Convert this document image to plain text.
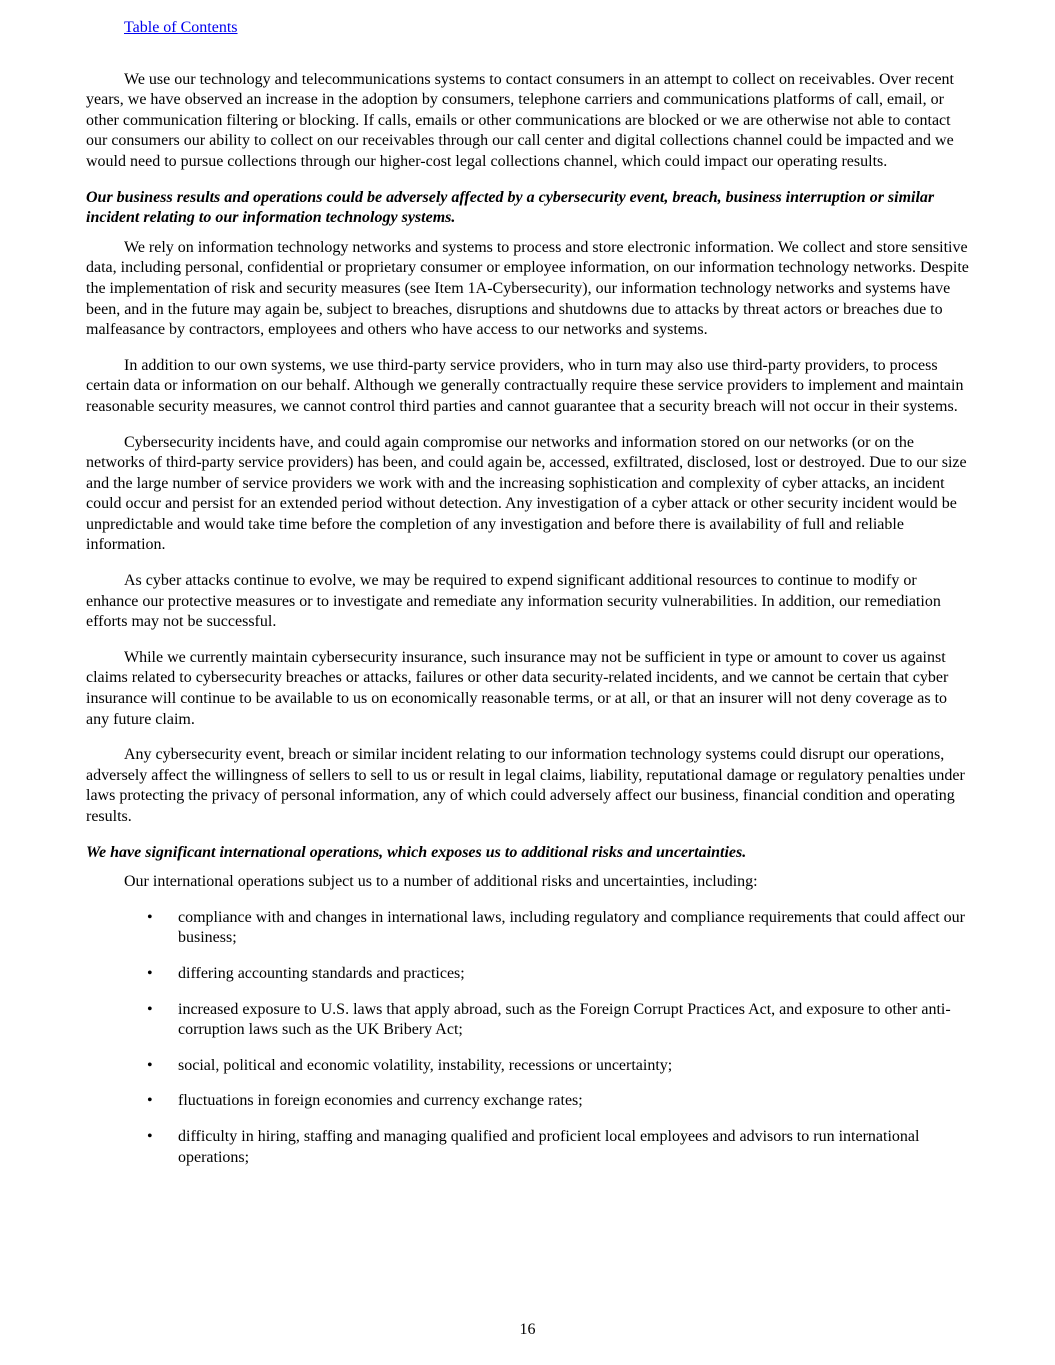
Table of Contents

We use our technology and telecommunications systems to contact consumers in an attempt to collect on receivables. Over recent years, we have observed an increase in the adoption by consumers, telephone carriers and communications platforms of call, email, or other communication filtering or blocking. If calls, emails or other communications are blocked or we are otherwise not able to contact our consumers our ability to collect on our receivables through our call center and digital collections channel could be impacted and we would need to pursue collections through our higher-cost legal collections channel, which could impact our operating results.

Our business results and operations could be adversely affected by a cybersecurity event, breach, business interruption or similar incident relating to our information technology systems.

We rely on information technology networks and systems to process and store electronic information. We collect and store sensitive data, including personal, confidential or proprietary consumer or employee information, on our information technology networks. Despite the implementation of risk and security measures (see Item 1A-Cybersecurity), our information technology networks and systems have been, and in the future may again be, subject to breaches, disruptions and shutdowns due to attacks by threat actors or breaches due to malfeasance by contractors, employees and others who have access to our networks and systems.

In addition to our own systems, we use third-party service providers, who in turn may also use third-party providers, to process certain data or information on our behalf. Although we generally contractually require these service providers to implement and maintain reasonable security measures, we cannot control third parties and cannot guarantee that a security breach will not occur in their systems.

Cybersecurity incidents have, and could again compromise our networks and information stored on our networks (or on the networks of third-party service providers) has been, and could again be, accessed, exfiltrated, disclosed, lost or destroyed. Due to our size and the large number of service providers we work with and the increasing sophistication and complexity of cyber attacks, an incident could occur and persist for an extended period without detection. Any investigation of a cyber attack or other security incident would be unpredictable and would take time before the completion of any investigation and before there is availability of full and reliable information.

As cyber attacks continue to evolve, we may be required to expend significant additional resources to continue to modify or enhance our protective measures or to investigate and remediate any information security vulnerabilities. In addition, our remediation efforts may not be successful.

While we currently maintain cybersecurity insurance, such insurance may not be sufficient in type or amount to cover us against claims related to cybersecurity breaches or attacks, failures or other data security-related incidents, and we cannot be certain that cyber insurance will continue to be available to us on economically reasonable terms, or at all, or that an insurer will not deny coverage as to any future claim.

Any cybersecurity event, breach or similar incident relating to our information technology systems could disrupt our operations, adversely affect the willingness of sellers to sell to us or result in legal claims, liability, reputational damage or regulatory penalties under laws protecting the privacy of personal information, any of which could adversely affect our business, financial condition and operating results.

We have significant international operations, which exposes us to additional risks and uncertainties.

Our international operations subject us to a number of additional risks and uncertainties, including:

• compliance with and changes in international laws, including regulatory and compliance requirements that could affect our business;
• differing accounting standards and practices;
• increased exposure to U.S. laws that apply abroad, such as the Foreign Corrupt Practices Act, and exposure to other anti-corruption laws such as the UK Bribery Act;
• social, political and economic volatility, instability, recessions or uncertainty;
• fluctuations in foreign economies and currency exchange rates;
• difficulty in hiring, staffing and managing qualified and proficient local employees and advisors to run international operations;
16
